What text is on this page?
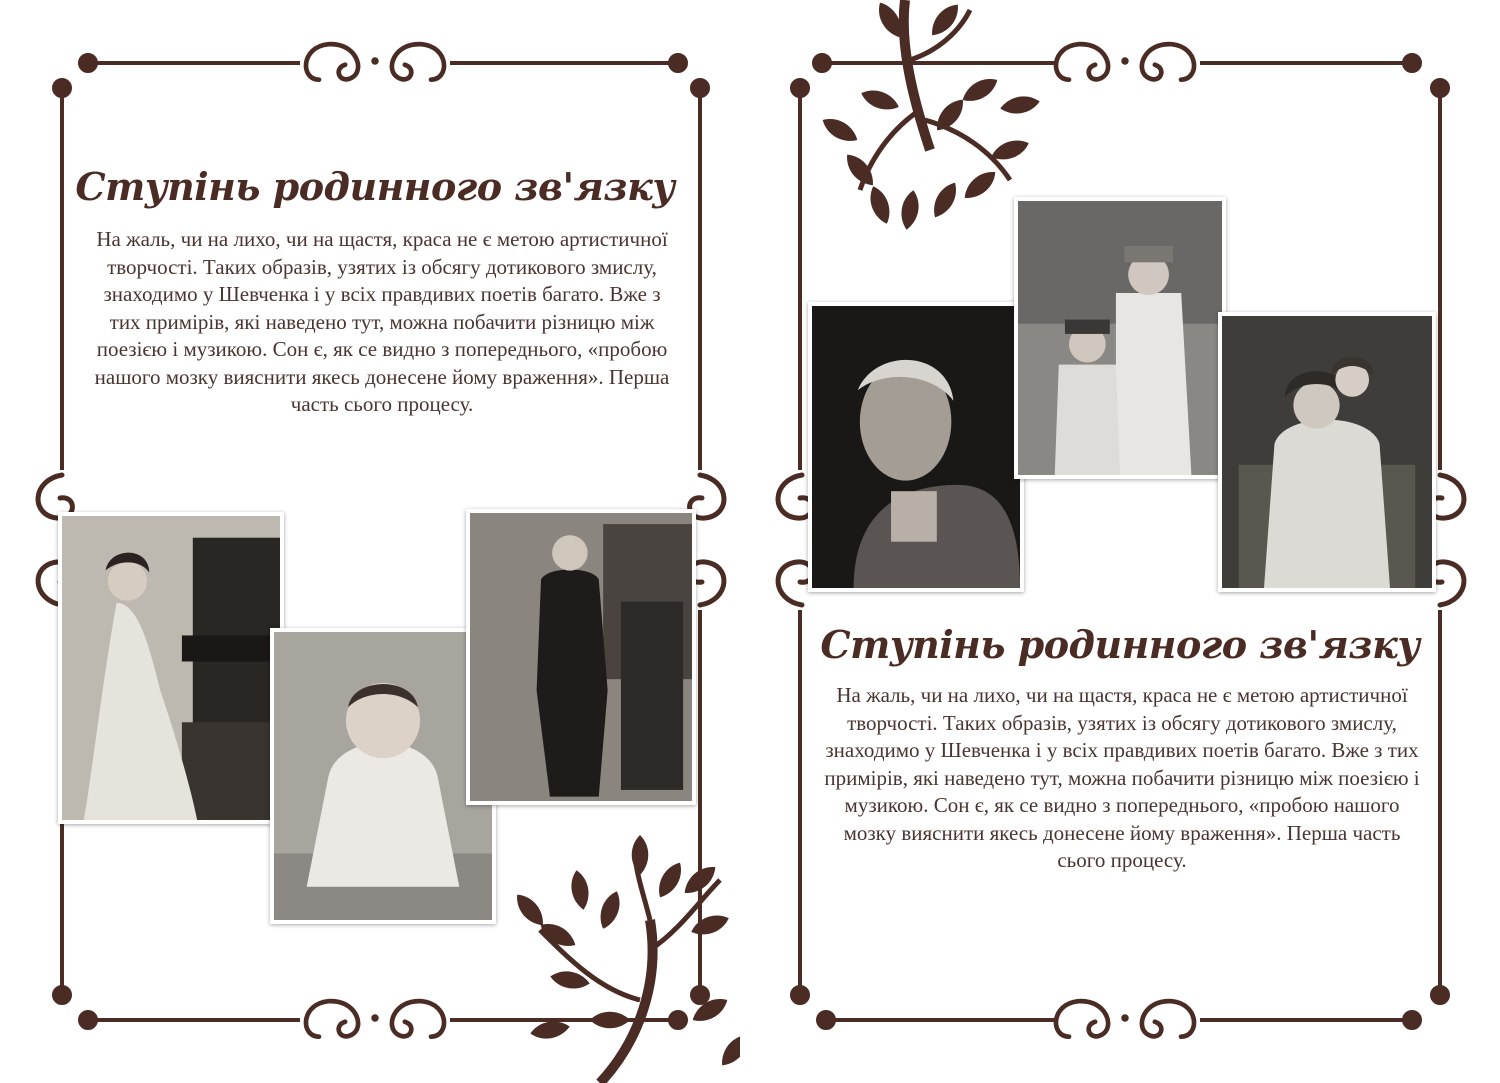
Ступінь родинного зв'язку

На жаль, чи на лихо, чи на щастя, краса не є метою артистичної творчості. Таких образів, узятих із обсягу дотикового змислу, знаходимо у Шевченка і у всіх правдивих поетів багато. Вже з тих примірів, які наведено тут, можна побачити різницю між поезією і музикою. Сон є, як се видно з попереднього, «пробою нашого мозку вияснити якесь донесене йому враження». Перша часть сього процесу.

Ступінь родинного зв'язку

На жаль, чи на лихо, чи на щастя, краса не є метою артистичної творчості. Таких образів, узятих із обсягу дотикового змислу, знаходимо у Шевченка і у всіх правдивих поетів багато. Вже з тих примірів, які наведено тут, можна побачити різницю між поезією і музикою. Сон є, як се видно з попереднього, «пробою нашого мозку вияснити якесь донесене йому враження». Перша часть сього процесу.
